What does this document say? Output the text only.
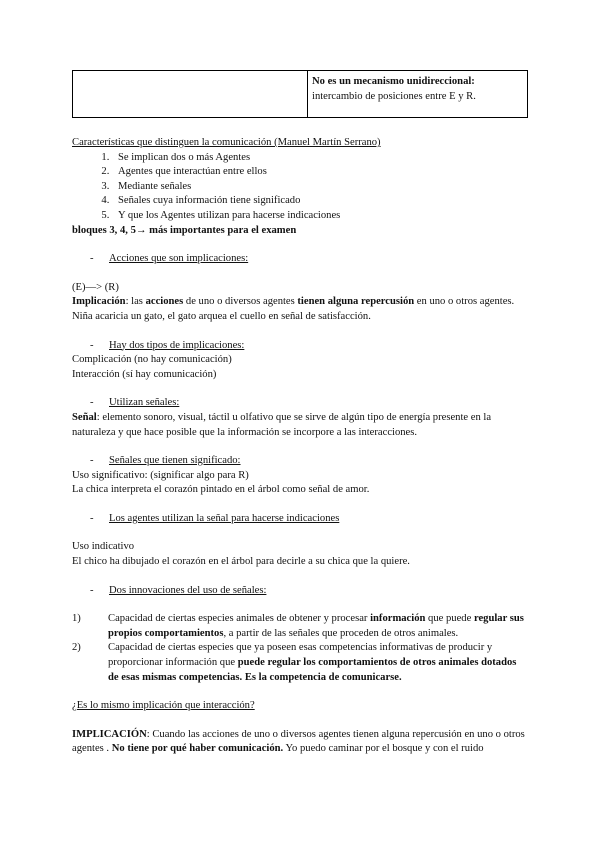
No es un mecanismo unidireccional:
intercambio de posiciones entre E y R.

Características que distinguen la comunicación (Manuel Martín Serrano)

1. Se implican dos o más Agentes
2. Agentes que interactúan entre ellos
3. Mediante señales
4. Señales cuya información tiene significado
5. Y que los Agentes utilizan para hacerse indicaciones

bloques 3, 4, 5→ más importantes para el examen

-	Acciones que son implicaciones:

(E)—> (R)

Implicación: las acciones de uno o diversos agentes tienen alguna repercusión en uno o otros agentes.

Niña acaricia un gato, el gato arquea el cuello en señal de satisfacción.

-	Hay dos tipos de implicaciones:

Complicación (no hay comunicación)

Interacción (sí hay comunicación)

-	Utilizan señales:

Señal: elemento sonoro, visual, táctil u olfativo que se sirve de algún tipo de energía presente en la naturaleza y que hace posible que la información se incorpore a las interacciones.

-	Señales que tienen significado:

Uso significativo: (significar algo para R)

La chica interpreta el corazón pintado en el árbol como señal de amor.

-	Los agentes utilizan la señal para hacerse indicaciones

Uso indicativo

El chico ha dibujado el corazón en el árbol para decirle a su chica que la quiere.

-	Dos innovaciones del uso de señales:
1)	Capacidad de ciertas especies animales de obtener y procesar información que puede regular sus propios comportamientos, a partir de las señales que proceden de otros animales.
2)	Capacidad de ciertas especies que ya poseen esas competencias informativas de producir y proporcionar información que puede regular los comportamientos de otros animales dotados de esas mismas competencias. Es la competencia de comunicarse.

¿Es lo mismo implicación que interacción?

IMPLICACIÓN: Cuando las acciones de uno o diversos agentes tienen alguna repercusión en uno o otros agentes . No tiene por qué haber comunicación. Yo puedo caminar por el bosque y con el ruido
